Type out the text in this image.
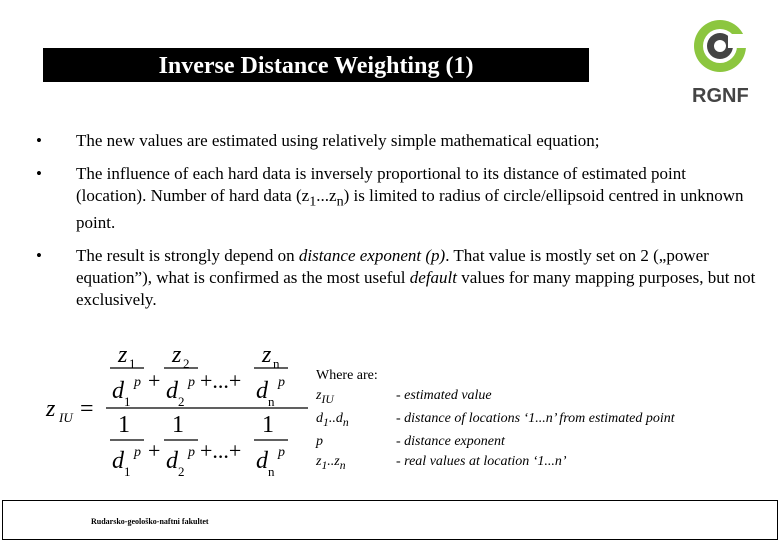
Inverse Distance Weighting (1)
RGNF
• The new values are estimated using relatively simple mathematical equation;
• The influence of each hard data is inversely proportional to its distance of estimated point (location). Number of hard data $(z_1...z_n)$ is limited to radius of circle/ellipsoid centred in unknown point.
• The result is strongly depend on distance exponent (p). That value is mostly set on 2 („power equation”), what is confirmed as the most useful default values for many mapping purposes, but not exclusively.
z IU =
z 1
d 1
p
z 2
d 2
p
z n
d n
p
1
d 1
p
1
d 2
p
1
d n
p
+ +...+
+ +...+
Where are:
$z_{IU}$	- estimated value
$d_1..d_n$	- distance of locations ‘1...n’ from estimated point
p	- distance exponent
$z_1..z_n$	- real values at location ‘1...n’
Rudarsko-geološko-naftni fakultet
